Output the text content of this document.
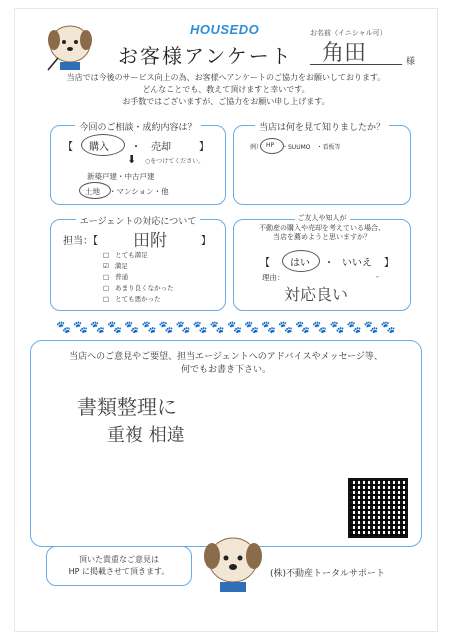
HOUSEDO
お客様アンケート
お名前（イニシャル可）
角田	様
当店では今後のサービス向上の為、お客様へアンケートのご協力をお願いしております。
どんなことでも、教えて頂けますと幸いです。
お手数ではございますが、ご協力をお願い申し上げます。
今回のご相談・成約内容は？
【 購入 ・ 売却	】
○をつけてください。
⬇
新築戸建・中古戸建
土地 ・マンション・他
当店は何を見て知りましたか？
例） HP ・SUUMO　・看板等
エージェントの対応について
担当：【 田附	】
□ とても満足
☑ 満足
□ 普通
□ あまり良くなかった
□ とても悪かった
ご友人や知人が
不動産の購入や売却を考えている場合、
当店を薦めようと思いますか？
【 はい ・ いいえ 】
理由：	-
対応良い
🐾 🐾 🐾 🐾 🐾 🐾 🐾 🐾 🐾 🐾 🐾 🐾 🐾 🐾 🐾 🐾 🐾 🐾 🐾 🐾
当店へのご意見やご要望、担当エージェントへのアドバイスやメッセージ等、
何でもお書き下さい。
書類整理に
重複 相違
頂いた貴重なご意見は
HP に掲載させて頂きます。	(株)不動産トータルサポート
